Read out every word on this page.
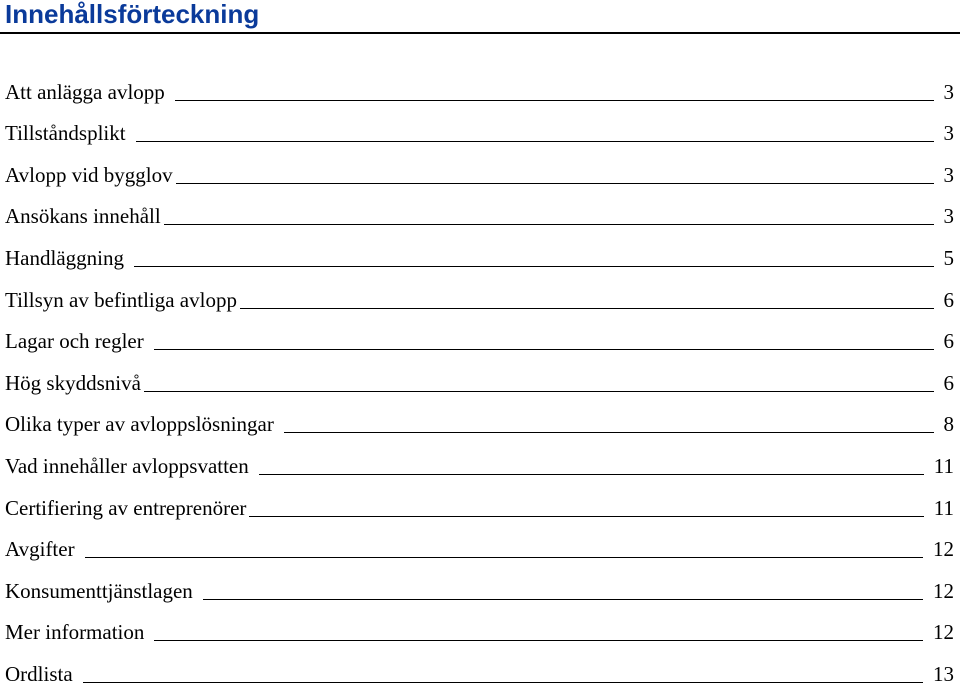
Innehållsförteckning
Att anlägga avlopp	3
Tillståndsplikt	3
Avlopp vid bygglov	3
Ansökans innehåll	3
Handläggning	5
Tillsyn av befintliga avlopp	6
Lagar och regler	6
Hög skyddsnivå	6
Olika typer av avloppslösningar	8
Vad innehåller avloppsvatten	11
Certifiering av entreprenörer	11
Avgifter	12
Konsumenttjänstlagen	12
Mer information	12
Ordlista	13
